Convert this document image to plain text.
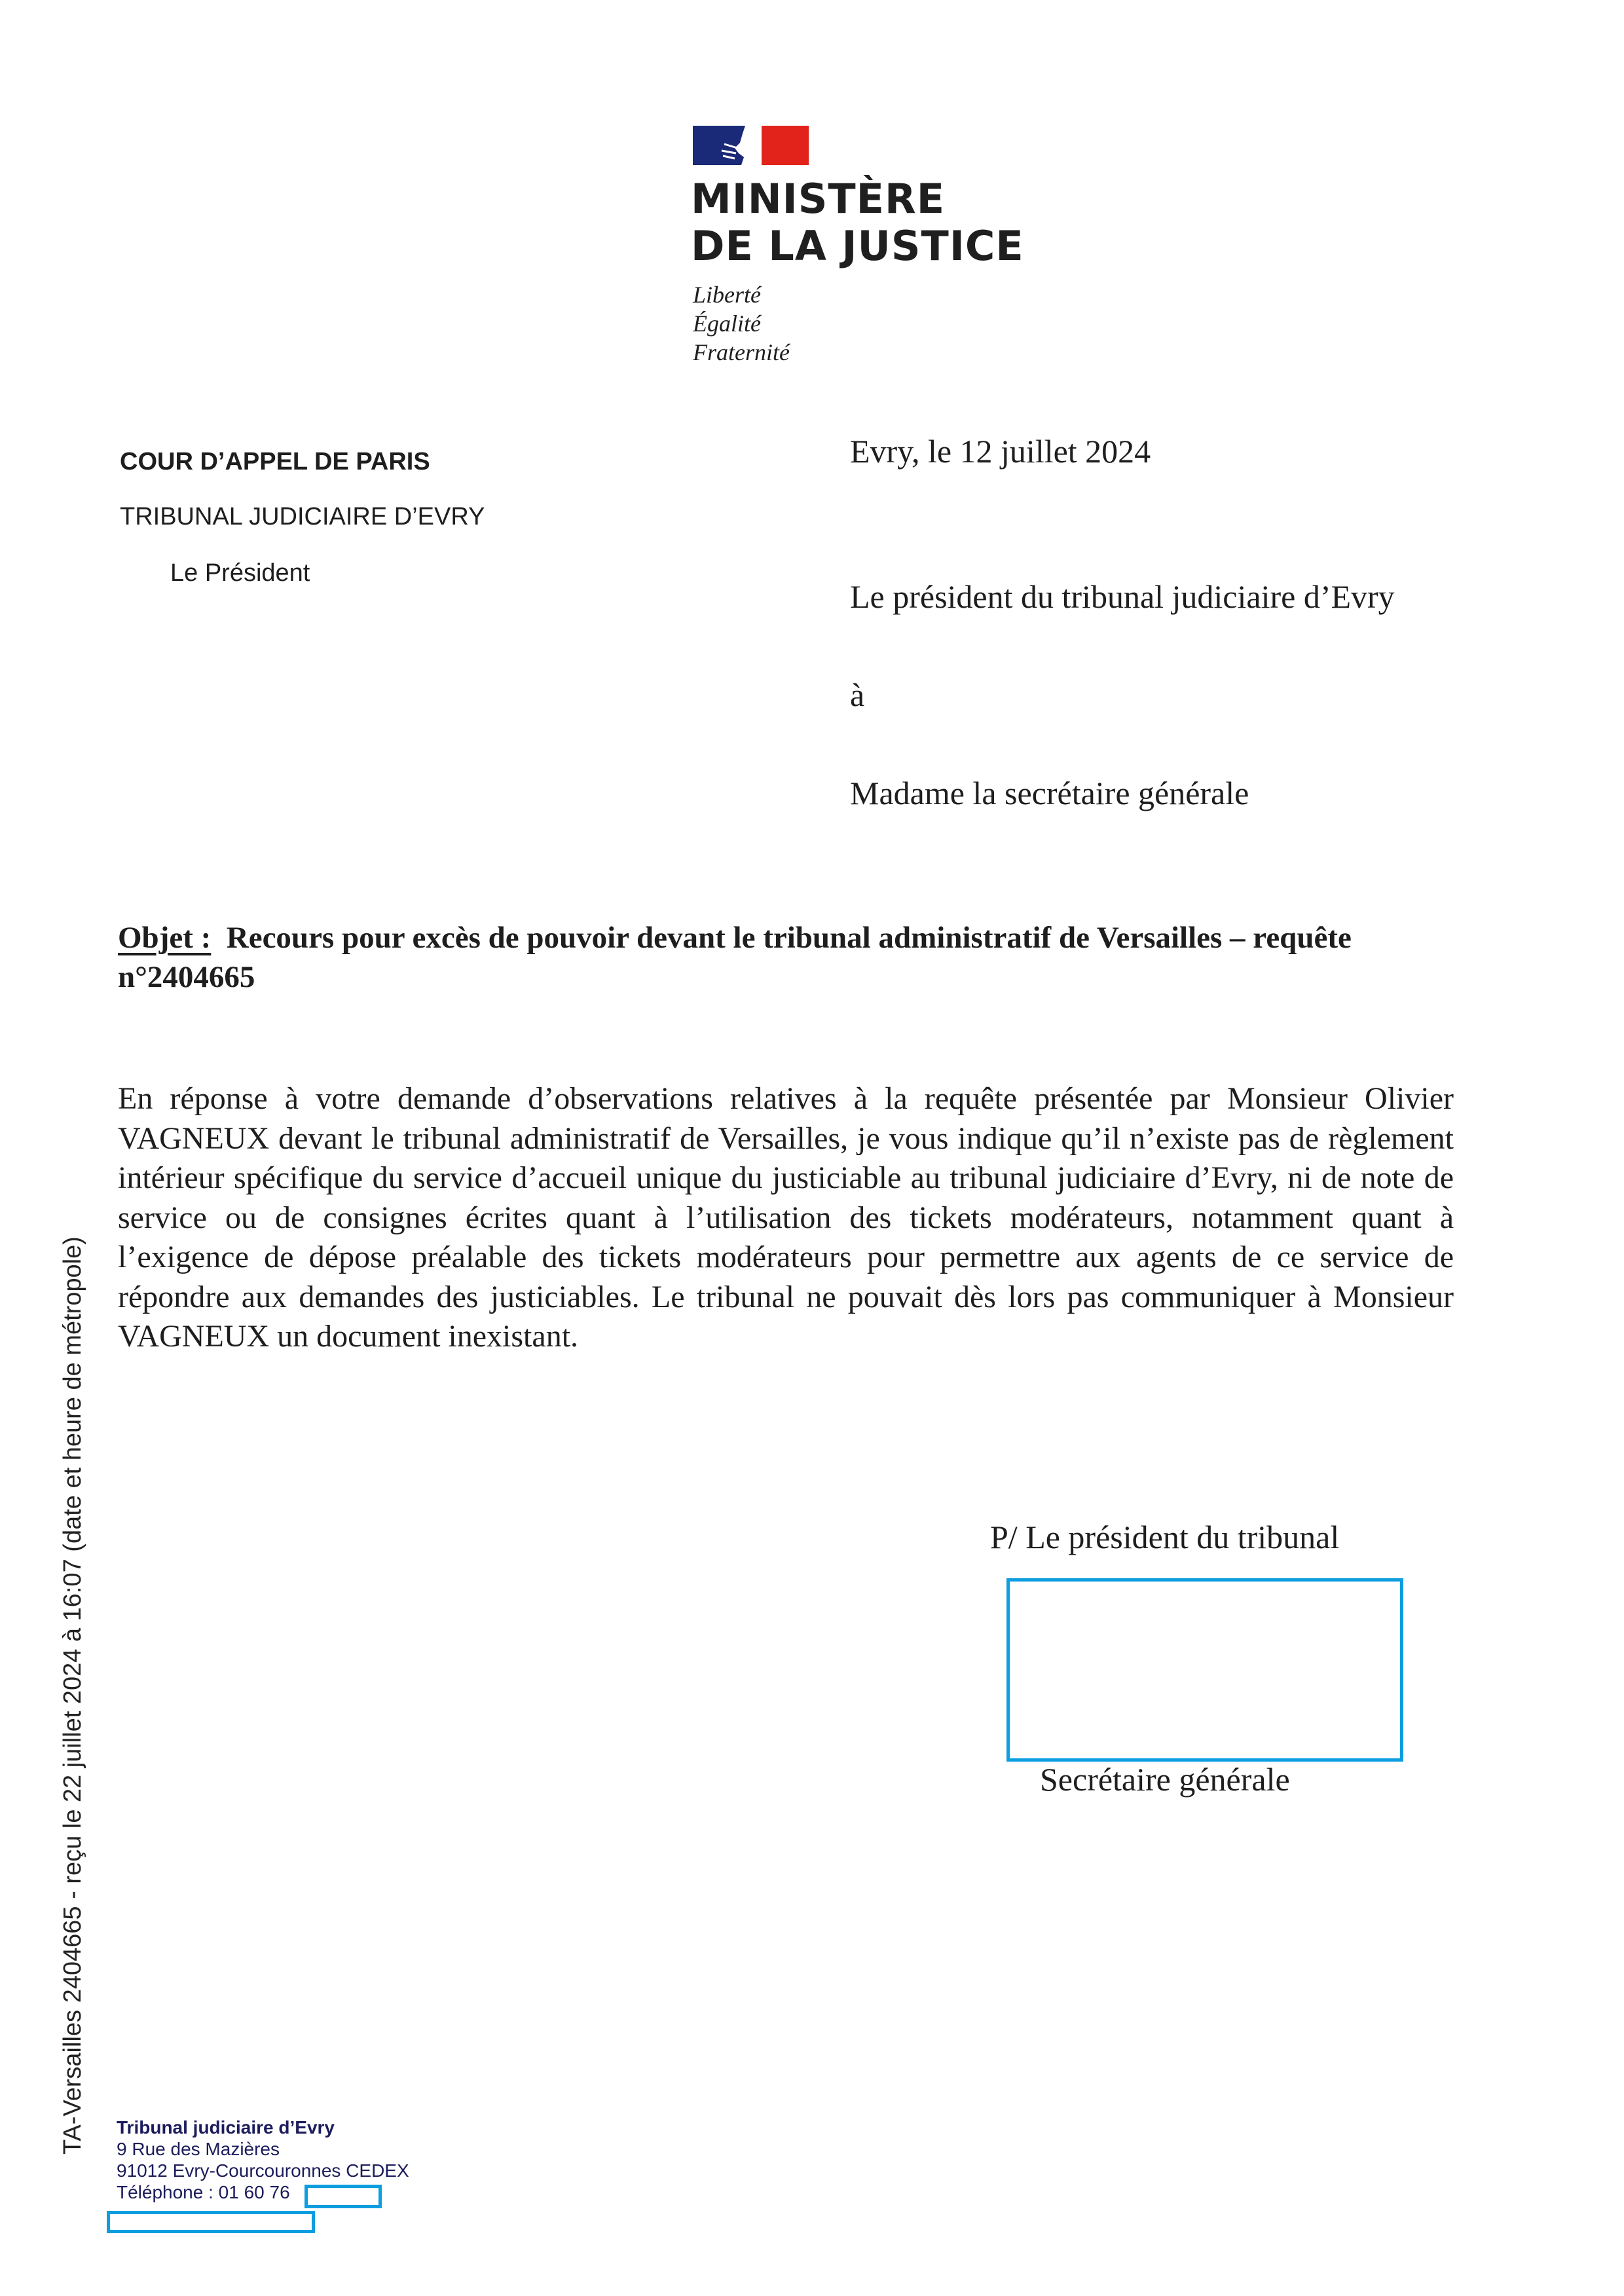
MINISTÈRE
DE LA JUSTICE
Liberté
Égalité
Fraternité
COUR D’APPEL DE PARIS
TRIBUNAL JUDICIAIRE D’EVRY
Le Président
Evry, le 12 juillet 2024
Le président du tribunal judiciaire d’Evry
à
Madame la secrétaire générale
Objet : Recours pour excès de pouvoir devant le tribunal administratif de Versailles – requête n°2404665
En réponse à votre demande d’observations relatives à la requête présentée par Monsieur Olivier VAGNEUX devant le tribunal administratif de Versailles, je vous indique qu’il n’existe pas de règlement intérieur spécifique du service d’accueil unique du justiciable au tribunal judiciaire d’Evry, ni de note de service ou de consignes écrites quant à l’utilisation des tickets modérateurs, notamment quant à l’exigence de dépose préalable des tickets modérateurs pour permettre aux agents de ce service de répondre aux demandes des justiciables. Le tribunal ne pouvait dès lors pas communiquer à Monsieur VAGNEUX un document inexistant.
P/ Le président du tribunal
Secrétaire générale
TA-Versailles 2404665 - reçu le 22 juillet 2024 à 16:07 (date et heure de métropole) Tribunal judiciaire d’Evry
9 Rue des Mazières
91012 Evry-Courcouronnes CEDEX
Téléphone : 01 60 76
